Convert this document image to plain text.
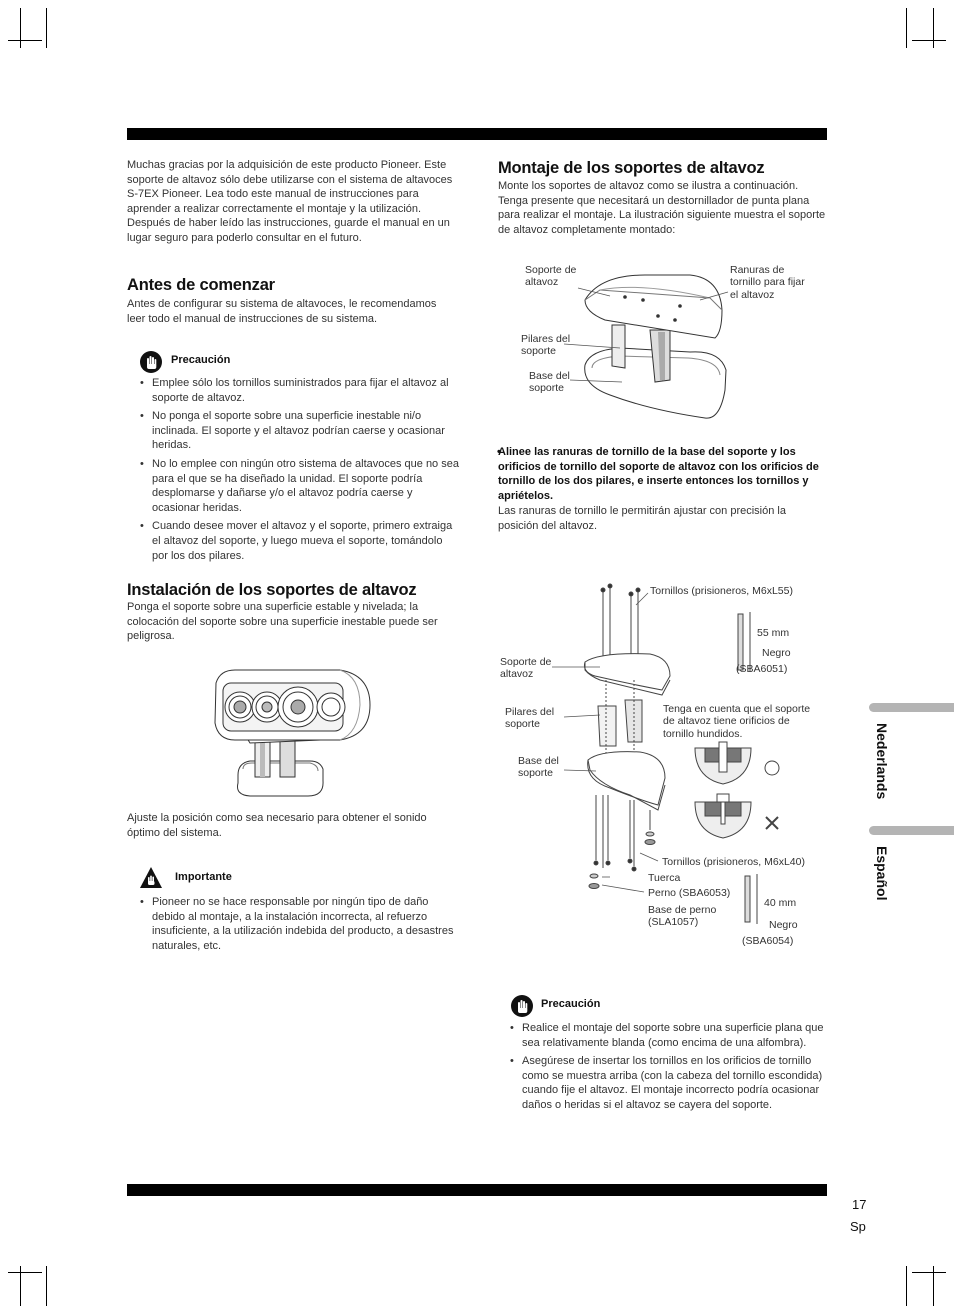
Muchas gracias por la adquisición de este producto Pioneer. Este soporte de altavoz sólo debe utilizarse con el sistema de altavoces S-7EX Pioneer. Lea todo este manual de instrucciones para aprender a realizar correctamente el montaje y la utilización. Después de haber leído las instrucciones, guarde el manual en un lugar seguro para poderlo consultar en el futuro.
Antes de comenzar
Antes de configurar su sistema de altavoces, le recomendamos leer todo el manual de instrucciones de su sistema.
Precaución
• Emplee sólo los tornillos suministrados para fijar el altavoz al soporte de altavoz.
• No ponga el soporte sobre una superficie inestable ni/o inclinada. El soporte y el altavoz podrían caerse y ocasionar heridas.
• No lo emplee con ningún otro sistema de altavoces que no sea para el que se ha diseñado la unidad. El soporte podría desplomarse y dañarse y/o el altavoz podría caerse y ocasionar heridas.
• Cuando desee mover el altavoz y el soporte, primero extraiga el altavoz del soporte, y luego mueva el soporte, tomándolo por los dos pilares.
Instalación de los soportes de altavoz
Ponga el soporte sobre una superficie estable y nivelada; la colocación del soporte sobre una superficie inestable puede ser peligrosa.
Ajuste la posición como sea necesario para obtener el sonido óptimo del sistema.
Importante
• Pioneer no se hace responsable por ningún tipo de daño debido al montaje, a la instalación incorrecta, al refuerzo insuficiente, a la utilización indebida del producto, a desastres naturales, etc.
Montaje de los soportes de altavoz
Monte los soportes de altavoz como se ilustra a continuación. Tenga presente que necesitará un destornillador de punta plana para realizar el montaje. La ilustración siguiente muestra el soporte de altavoz completamente montado:
Soporte de altavoz
Ranuras de tornillo para fijar el altavoz
Pilares del soporte
Base del soporte
• Alinee las ranuras de tornillo de la base del soporte y los orificios de tornillo del soporte de altavoz con los orificios de tornillo de los dos pilares, e inserte entonces los tornillos y apriételos.
Las ranuras de tornillo le permitirán ajustar con precisión la posición del altavoz.
Tornillos (prisioneros, M6xL55)
55 mm
Negro
(SBA6051)
Soporte de altavoz
Pilares del soporte
Tenga en cuenta que el soporte de altavoz tiene orificios de tornillo hundidos.
Base del soporte
Tornillos (prisioneros, M6xL40)
Tuerca
Perno (SBA6053)
Base de perno (SLA1057)
40 mm
Negro
(SBA6054)
Precaución
• Realice el montaje del soporte sobre una superficie plana que sea relativamente blanda (como encima de una alfombra).
• Asegúrese de insertar los tornillos en los orificios de tornillo como se muestra arriba (con la cabeza del tornillo escondida) cuando fije el altavoz. El montaje incorrecto podría ocasionar daños o heridas si el altavoz se cayera del soporte.
Nederlands
Español
17
Sp
